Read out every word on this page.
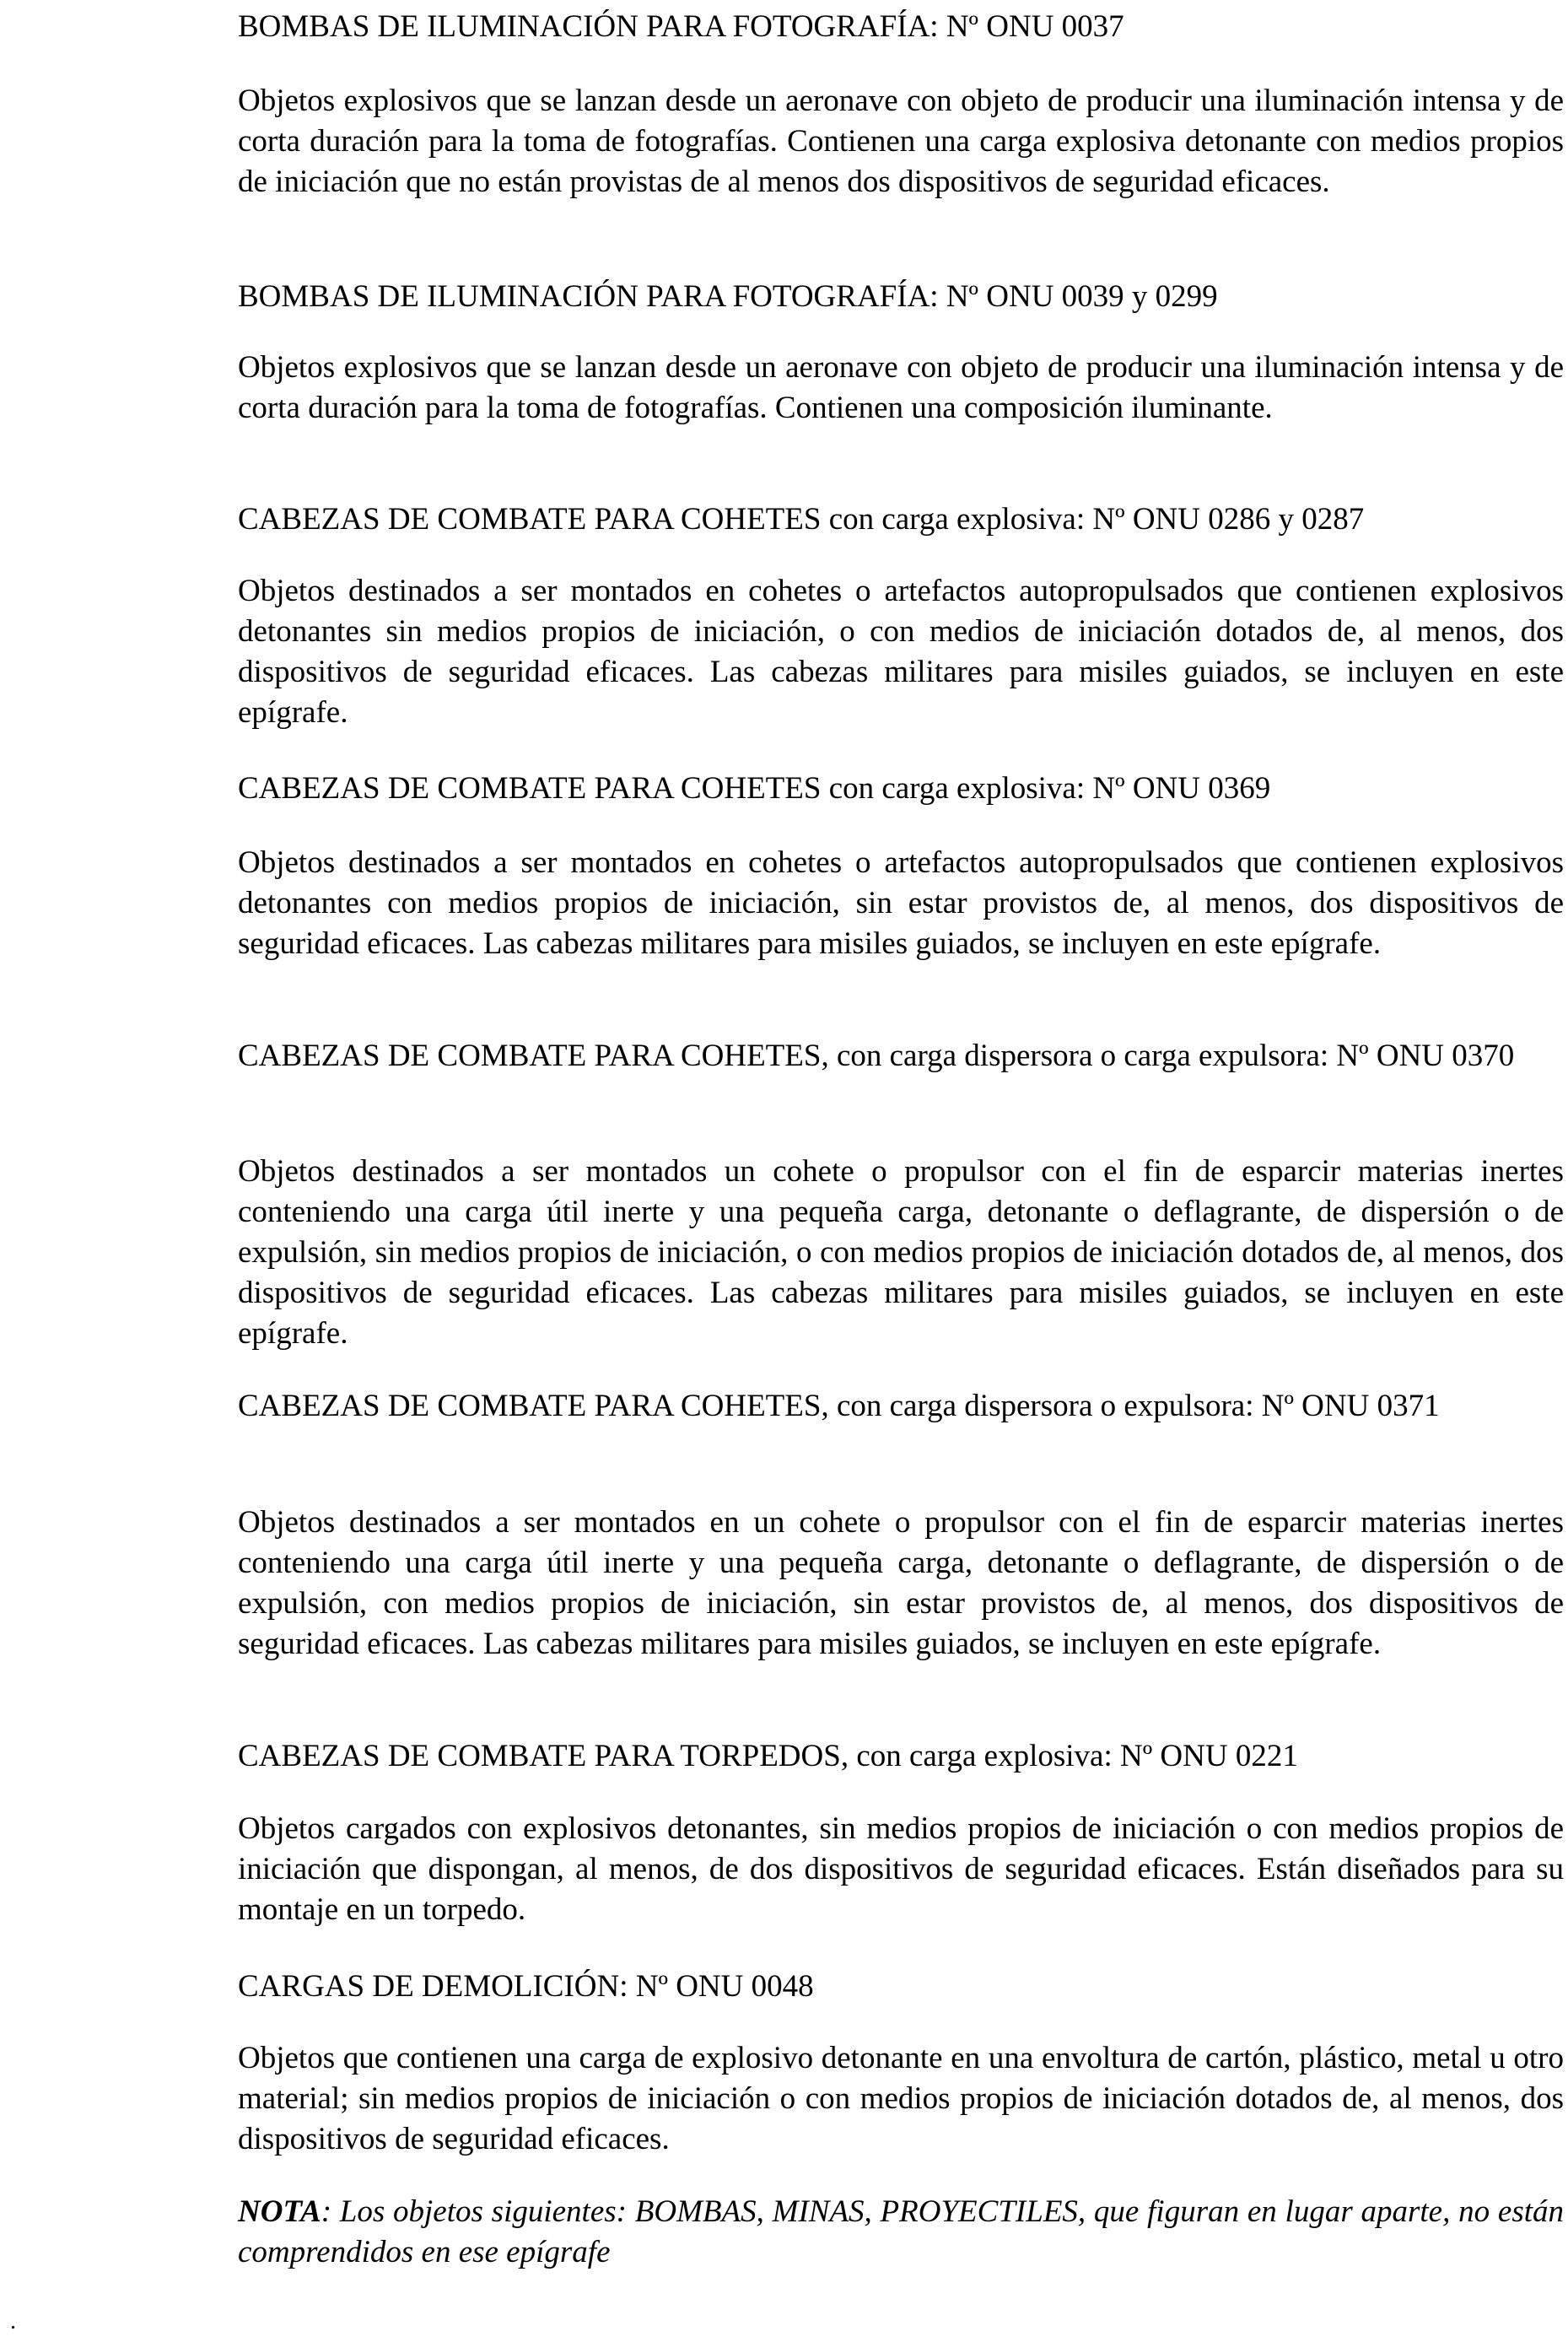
BOMBAS DE ILUMINACIÓN PARA FOTOGRAFÍA: Nº ONU 0037

Objetos explosivos que se lanzan desde un aeronave con objeto de producir una iluminación intensa y de corta duración para la toma de fotografías. Contienen una carga explosiva detonante con medios propios de iniciación que no están provistas de al menos dos dispositivos de seguridad eficaces.

BOMBAS DE ILUMINACIÓN PARA FOTOGRAFÍA: Nº ONU 0039 y 0299

Objetos explosivos que se lanzan desde un aeronave con objeto de producir una iluminación intensa y de corta duración para la toma de fotografías. Contienen una composición iluminante.

CABEZAS DE COMBATE PARA COHETES con carga explosiva: Nº ONU 0286 y 0287

Objetos destinados a ser montados en cohetes o artefactos autopropulsados que contienen explosivos detonantes sin medios propios de iniciación, o con medios de iniciación dotados de, al menos, dos dispositivos de seguridad eficaces. Las cabezas militares para misiles guiados, se incluyen en este epígrafe.

CABEZAS DE COMBATE PARA COHETES con carga explosiva: Nº ONU 0369

Objetos destinados a ser montados en cohetes o artefactos autopropulsados que contienen explosivos detonantes con medios propios de iniciación, sin estar provistos de, al menos, dos dispositivos de seguridad eficaces. Las cabezas militares para misiles guiados, se incluyen en este epígrafe.

CABEZAS DE COMBATE PARA COHETES, con carga dispersora o carga expulsora: Nº ONU 0370

Objetos destinados a ser montados un cohete o propulsor con el fin de esparcir materias inertes conteniendo una carga útil inerte y una pequeña carga, detonante o deflagrante, de dispersión o de expulsión, sin medios propios de iniciación, o con medios propios de iniciación dotados de, al menos, dos dispositivos de seguridad eficaces. Las cabezas militares para misiles guiados, se incluyen en este epígrafe.

CABEZAS DE COMBATE PARA COHETES, con carga dispersora o expulsora: Nº ONU 0371

Objetos destinados a ser montados en un cohete o propulsor con el fin de esparcir materias inertes conteniendo una carga útil inerte y una pequeña carga, detonante o deflagrante, de dispersión o de expulsión, con medios propios de iniciación, sin estar provistos de, al menos, dos dispositivos de seguridad eficaces. Las cabezas militares para misiles guiados, se incluyen en este epígrafe.

CABEZAS DE COMBATE PARA TORPEDOS, con carga explosiva: Nº ONU 0221

Objetos cargados con explosivos detonantes, sin medios propios de iniciación o con medios propios de iniciación que dispongan, al menos, de dos dispositivos de seguridad eficaces. Están diseñados para su montaje en un torpedo.

CARGAS DE DEMOLICIÓN: Nº ONU 0048

Objetos que contienen una carga de explosivo detonante en una envoltura de cartón, plástico, metal u otro material; sin medios propios de iniciación o con medios propios de iniciación dotados de, al menos, dos dispositivos de seguridad eficaces.

NOTA: Los objetos siguientes: BOMBAS, MINAS, PROYECTILES, que figuran en lugar aparte, no están comprendidos en ese epígrafe

.
